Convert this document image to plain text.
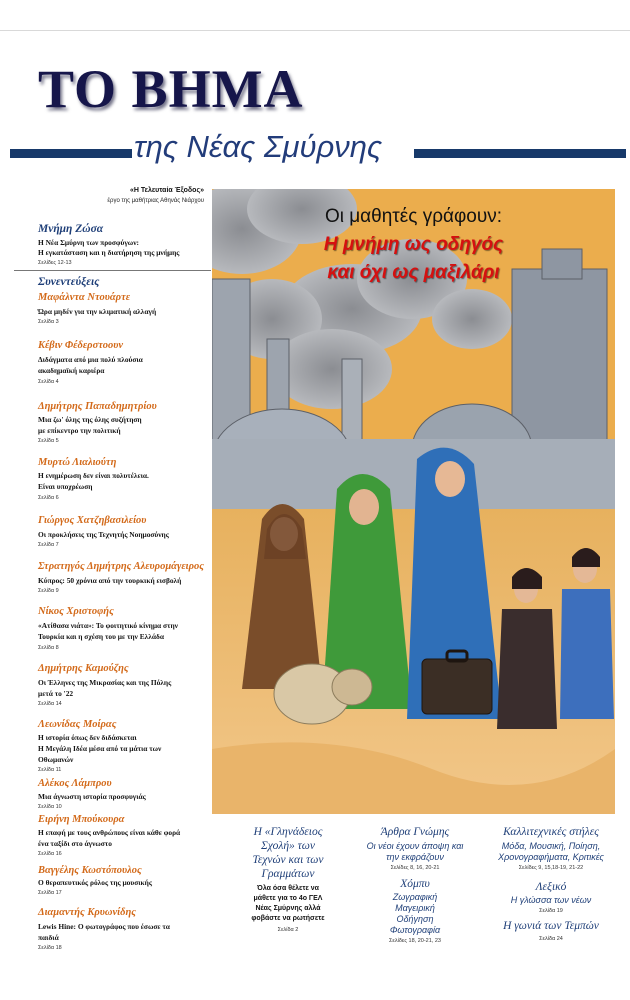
ΤΟ ΒΗΜΑ
της Νέας Σμύρνης
«Η Τελευταία Έξοδος»
έργο της μαθήτριας Αθηνάς Νιάρχου
Μνήμη Ζώσα
Η Νέα Σμύρνη των προσφύγων:
Η εγκατάσταση και η διατήρηση της μνήμης
Σελίδες 12-13
Συνεντεύξεις
Μαφάλντα Ντουάρτε
Ώρα μηδέν για την κλιματική αλλαγή
Σελίδα 3
Κέβιν Φέδερστοουν
Διδάγματα από μια πολύ πλούσια
ακαδημαϊκή καριέρα
Σελίδα 4
Δημήτρης Παπαδημητρίου
Μια ζω' όλης της όλης συζήτηση
με επίκεντρο την πολιτική
Σελίδα 5
Μυρτώ Λιαλιούτη
Η ενημέρωση δεν είναι πολυτέλεια.
Είναι υποχρέωση
Σελίδα 6
Γιώργος Χατζηβασιλείου
Οι προκλήσεις της Τεχνητής Νοημοσύνης
Σελίδα 7
Στρατηγός Δημήτρης Αλευρομάγειρος
Κύπρος: 50 χρόνια από την τουρκική εισβολή
Σελίδα 9
Νίκος Χριστοφής
«Ατίθασα νιάτα»: Το φοιτητικό κίνημα στην
Τουρκία και η σχέση του με την Ελλάδα
Σελίδα 8
Δημήτρης Καμούζης
Οι Έλληνες της Μικρασίας και της Πόλης
μετά το '22
Σελίδα 14
Λεωνίδας Μοίρας
Η ιστορία όπως δεν διδάσκεται
Η Μεγάλη Ιδέα μέσα από τα μάτια των
Οθωμανών
Σελίδα 11
Αλέκος Λάμπρου
Μια άγνωστη ιστορία προσφυγιάς
Σελίδα 10
Ειρήνη Μπούκουρα
Η επαφή με τους ανθρώπους είναι κάθε φορά
ένα ταξίδι στο άγνωστο
Σελίδα 16
Βαγγέλης Κωστόπουλος
Ο θεραπευτικός ρόλος της μουσικής
Σελίδα 17
Διαμαντής Κρυωνίδης
Lewis Hine: Ο φωτογράφος που έσωσε τα
παιδιά
Σελίδα 18
Οι μαθητές γράφουν:
Η μνήμη ως οδηγός
και όχι ως μαξιλάρι
Η «Γληνάδειος
Σχολή» των
Τεχνών και των
Γραμμάτων
Όλα όσα θέλετε να
μάθετε για το 4ο ΓΕΛ
Νέας Σμύρνης αλλά
φοβάστε να ρωτήσετε
Σελίδα 2
Άρθρα Γνώμης
Οι νέοι έχουν άποψη και
την εκφράζουν
Σελίδες 8, 16, 20-21
Χόμπυ
Ζωγραφική
Μαγειρική
Οδήγηση
Φωτογραφία
Σελίδες 18, 20-21, 23
Καλλιτεχνικές στήλες
Μόδα, Μουσική, Ποίηση,
Χρονογραφήματα, Κριτικές
Σελίδες 9, 15,18-19, 21-22
Λεξικό
Η γλώσσα των νέων
Σελίδα 19
Η γωνιά των Τεμπών
Σελίδα 24
